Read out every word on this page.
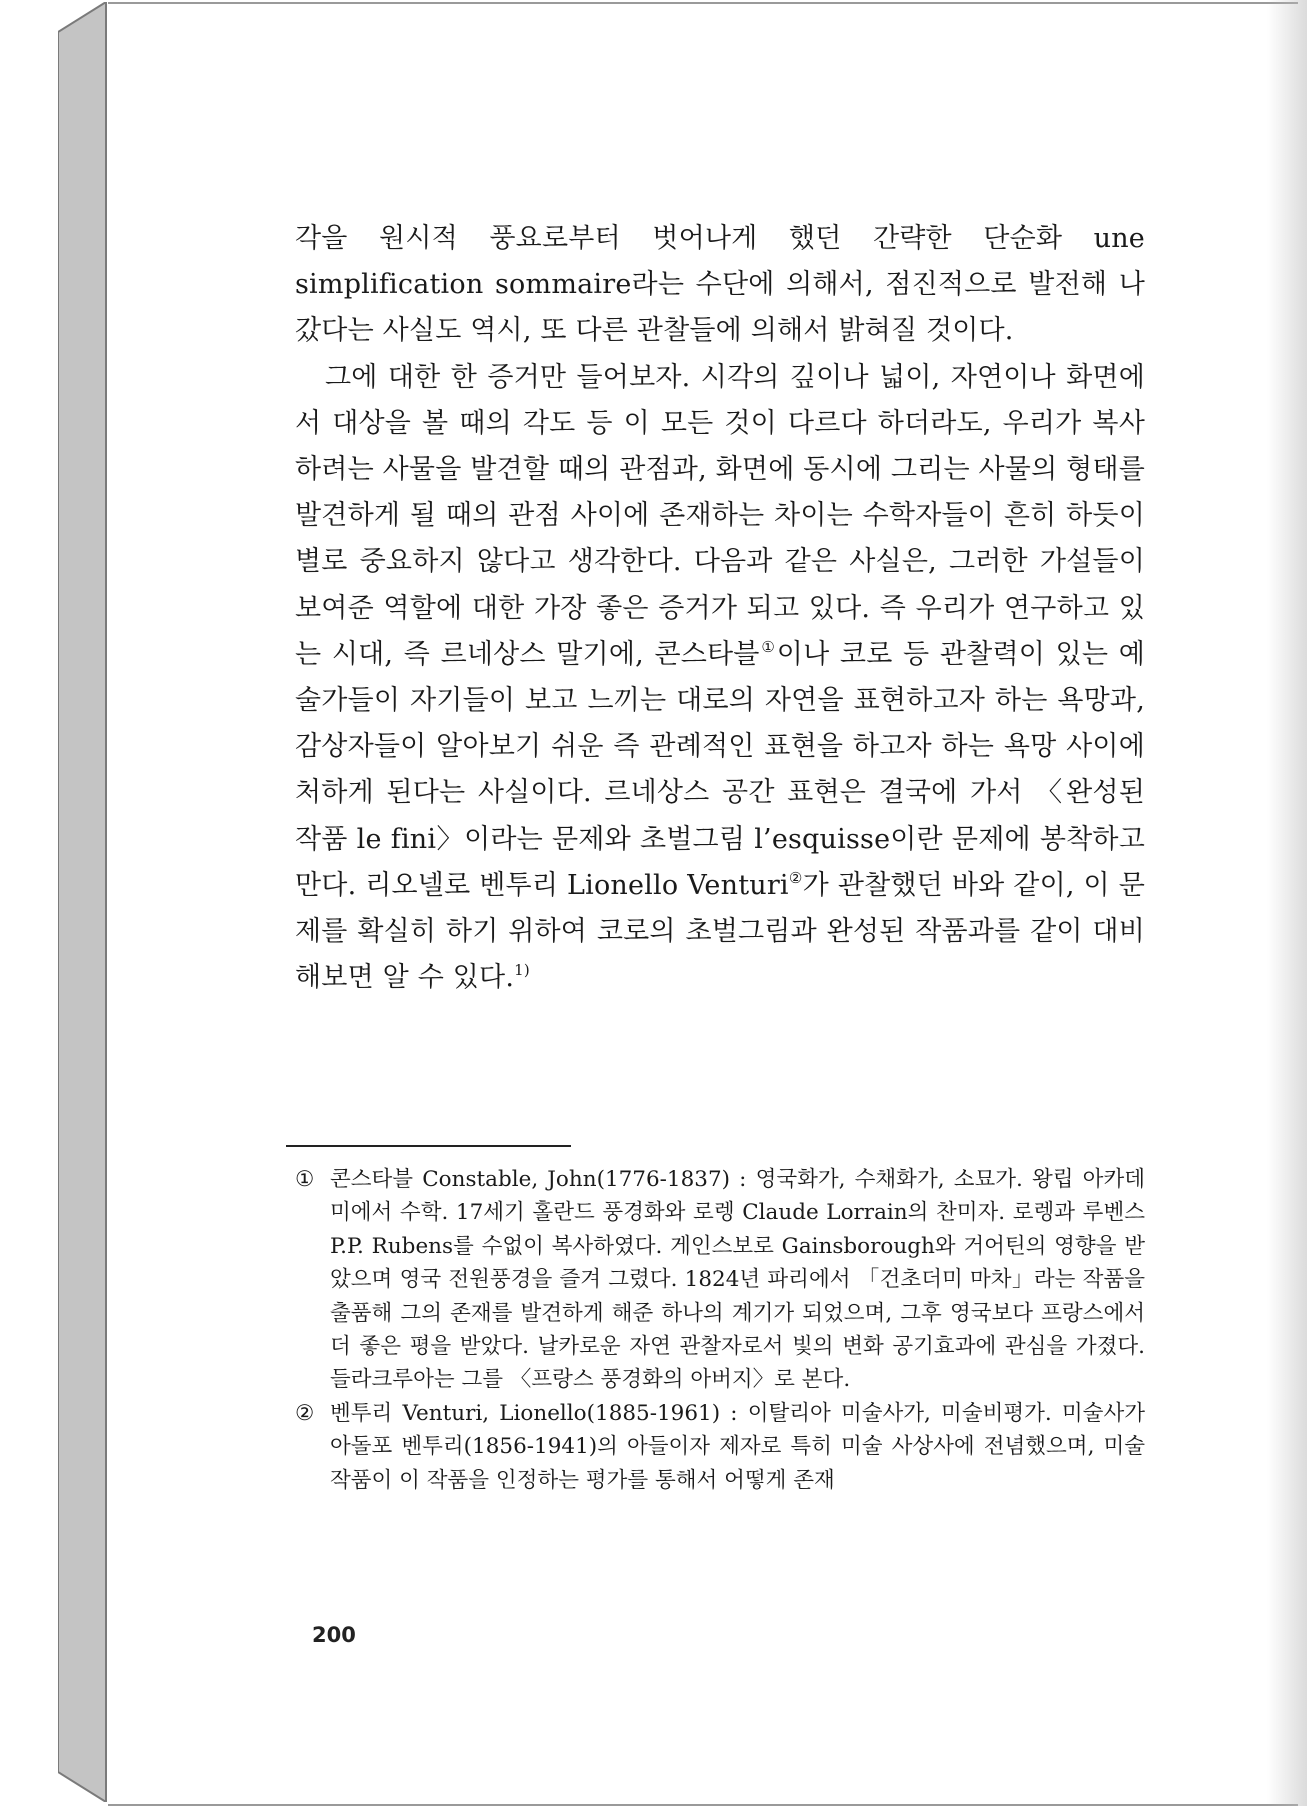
각을 원시적 풍요로부터 벗어나게 했던 간략한 단순화 une simplification sommaire라는 수단에 의해서, 점진적으로 발전해 나갔다는 사실도 역시, 또 다른 관찰들에 의해서 밝혀질 것이다.

그에 대한 한 증거만 들어보자. 시각의 깊이나 넓이, 자연이나 화면에서 대상을 볼 때의 각도 등 이 모든 것이 다르다 하더라도, 우리가 복사하려는 사물을 발견할 때의 관점과, 화면에 동시에 그리는 사물의 형태를 발견하게 될 때의 관점 사이에 존재하는 차이는 수학자들이 흔히 하듯이 별로 중요하지 않다고 생각한다. 다음과 같은 사실은, 그러한 가설들이 보여준 역할에 대한 가장 좋은 증거가 되고 있다. 즉 우리가 연구하고 있는 시대, 즉 르네상스 말기에, 콘스타블①이나 코로 등 관찰력이 있는 예술가들이 자기들이 보고 느끼는 대로의 자연을 표현하고자 하는 욕망과, 감상자들이 알아보기 쉬운 즉 관례적인 표현을 하고자 하는 욕망 사이에 처하게 된다는 사실이다. 르네상스 공간 표현은 결국에 가서 〈완성된 작품 le fini〉이라는 문제와 초벌그림 l’esquisse이란 문제에 봉착하고 만다. 리오넬로 벤투리 Lionello Venturi②가 관찰했던 바와 같이, 이 문제를 확실히 하기 위하여 코로의 초벌그림과 완성된 작품과를 같이 대비해보면 알 수 있다.$^{1)}$

① 콘스타블 Constable, John(1776-1837) : 영국화가, 수채화가, 소묘가. 왕립 아카데미에서 수학. 17세기 홀란드 풍경화와 로렝 Claude Lorrain의 찬미자. 로렝과 루벤스 P.P. Rubens를 수없이 복사하였다. 게인스보로 Gainsborough와 거어틴의 영향을 받았으며 영국 전원풍경을 즐겨 그렸다. 1824년 파리에서 「건초더미 마차」라는 작품을 출품해 그의 존재를 발견하게 해준 하나의 계기가 되었으며, 그후 영국보다 프랑스에서 더 좋은 평을 받았다. 날카로운 자연 관찰자로서 빛의 변화 공기효과에 관심을 가졌다. 들라크루아는 그를 〈프랑스 풍경화의 아버지〉로 본다.

② 벤투리 Venturi, Lionello(1885-1961) : 이탈리아 미술사가, 미술비평가. 미술사가 아돌포 벤투리(1856-1941)의 아들이자 제자로 특히 미술 사상사에 전념했으며, 미술작품이 이 작품을 인정하는 평가를 통해서 어떻게 존재

200
